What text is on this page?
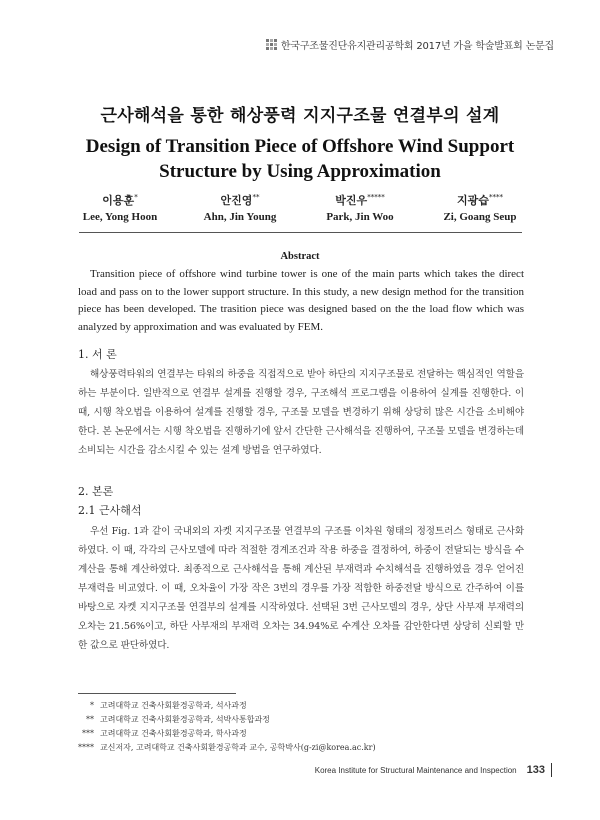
한국구조물진단유지관리공학회 2017년 가을 학술발표회 논문집
근사해석을 통한 해상풍력 지지구조물 연결부의 설계
Design of Transition Piece of Offshore Wind Support Structure by Using Approximation
이용훈*
Lee, Yong Hoon
안진영**
Ahn, Jin Young
박진우*****
Park, Jin Woo
지광습****
Zi, Goang Seup
Abstract
Transition piece of offshore wind turbine tower is one of the main parts which takes the direct load and pass on to the lower support structure. In this study, a new design method for the transition piece has been developed. The trasition piece was designed based on the the load flow which was analyzed by approximation and was evaluated by FEM.
1. 서 론
해상풍력타워의 연결부는 타워의 하중을 직접적으로 받아 하단의 지지구조물로 전달하는 핵심적인 역할을 하는 부분이다. 일반적으로 연결부 설계를 진행할 경우, 구조해석 프로그램을 이용하여 실계를 진행한다. 이 때, 시행 착오법을 이용하여 설계를 진행할 경우, 구조물 모델을 변경하기 위해 상당히 많은 시간을 소비해야한다. 본 논문에서는 시행 착오법을 진행하기에 앞서 간단한 근사해석을 진행하여, 구조물 모델을 변경하는데 소비되는 시간을 감소시킬 수 있는 설계 방법을 연구하였다.
2. 본론
2.1 근사해석
우선 Fig. 1과 같이 국내외의 자켓 지지구조물 연결부의 구조를 이차원 형태의 정정트러스 형태로 근사화하였다. 이 때, 각각의 근사모델에 따라 적절한 경계조건과 작용 하중을 결정하여, 하중이 전달되는 방식을 수계산을 통해 계산하였다. 최종적으로 근사해석을 통해 계산된 부재력과 수치해석을 진행하였을 경우 얻어진 부재력을 비교였다. 이 때, 오차율이 가장 작은 3번의 경우를 가장 적합한 하중전달 방식으로 간주하여 이를 바탕으로 자켓 지지구조물 연결부의 설계를 시작하였다. 선택된 3번 근사모델의 경우, 상단 사부재 부재력의 오차는 21.56%이고, 하단 사부재의 부재력 오차는 34.94%로 수계산 오차를 감안한다면 상당히 신뢰할 만한 값으로 판단하였다.
* 고려대학교 건축사회환경공학과, 석사과정
** 고려대학교 건축사회환경공학과, 석박사통합과정
*** 고려대학교 건축사회환경공학과, 학사과정
**** 교신저자, 고려대학교 건축사회환경공학과 교수, 공학박사(g-zi@korea.ac.kr)
Korea Institute for Structural Maintenance and Inspection 133
